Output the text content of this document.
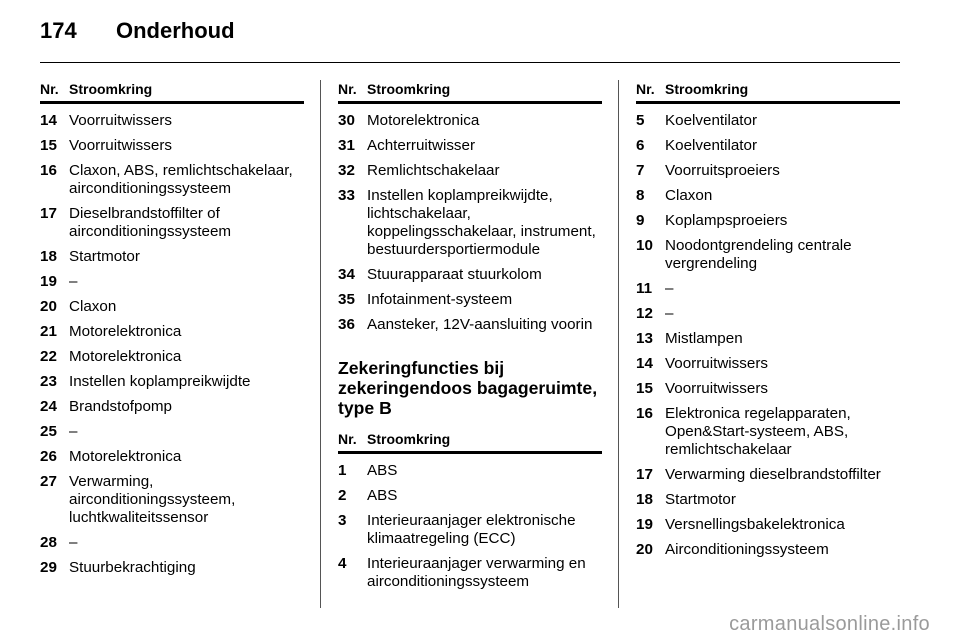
174 Onderhoud
Nr.	Stroomkring
14	Voorruitwissers
15	Voorruitwissers
16	Claxon, ABS, remlichtschakelaar, airconditioningssysteem
17	Dieselbrandstoffilter of airconditioningssysteem
18	Startmotor
19	–
20	Claxon
21	Motorelektronica
22	Motorelektronica
23	Instellen koplampreikwijdte
24	Brandstofpomp
25	–
26	Motorelektronica
27	Verwarming, airconditioningssysteem, luchtkwaliteitssensor
28	–
29	Stuurbekrachtiging
Nr.	Stroomkring
30	Motorelektronica
31	Achterruitwisser
32	Remlichtschakelaar
33	Instellen koplampreikwijdte, lichtschakelaar, koppelingsschakelaar, instrument, bestuurdersportiermodule
34	Stuurapparaat stuurkolom
35	Infotainment-systeem
36	Aansteker, 12V-aansluiting voorin
Zekeringfuncties bij zekeringendoos bagageruimte, type B
Nr.	Stroomkring
1	ABS
2	ABS
3	Interieuraanjager elektronische klimaatregeling (ECC)
4	Interieuraanjager verwarming en airconditioningssysteem
Nr.	Stroomkring
5	Koelventilator
6	Koelventilator
7	Voorruitsproeiers
8	Claxon
9	Koplampsproeiers
10	Noodontgrendeling centrale vergrendeling
11	–
12	–
13	Mistlampen
14	Voorruitwissers
15	Voorruitwissers
16	Elektronica regelapparaten, Open&Start-systeem, ABS, remlichtschakelaar
17	Verwarming dieselbrandstoffilter
18	Startmotor
19	Versnellingsbakelektronica
20	Airconditioningssysteem
carmanualsonline.info
